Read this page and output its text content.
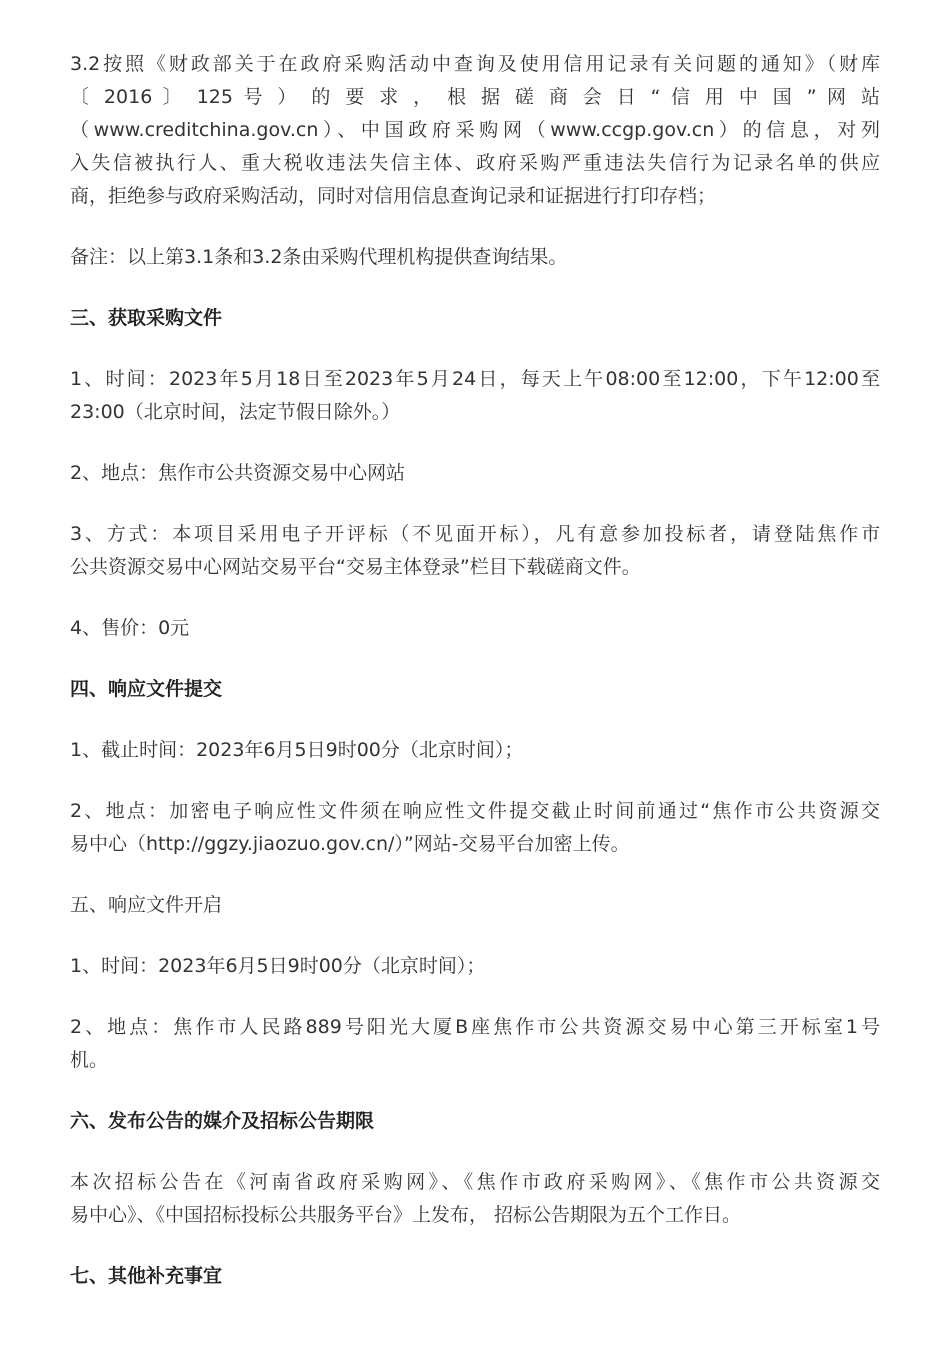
3.2按照《财政部关于在政府采购活动中查询及使用信用记录有关问题的通知》（财库

〔 2016 〕 125 号 ） 的 要 求 ， 根 据 磋 商 会 日 “ 信 用 中 国 ” 网 站

（www.creditchina.gov.cn）、中国政府采购网（www.ccgp.gov.cn）的信息，对列

入失信被执行人、重大税收违法失信主体、政府采购严重违法失信行为记录名单的供应

商，拒绝参与政府采购活动，同时对信用信息查询记录和证据进行打印存档；

备注：以上第3.1条和3.2条由采购代理机构提供查询结果。

三、获取采购文件

1、时间：2023年5月18日至2023年5月24日，每天上午08:00至12:00，下午12:00至

23:00（北京时间，法定节假日除外。）

2、地点：焦作市公共资源交易中心网站

3、方式：本项目采用电子开评标（不见面开标），凡有意参加投标者，请登陆焦作市

公共资源交易中心网站交易平台“交易主体登录”栏目下载磋商文件。

4、售价：0元

四、响应文件提交

1、截止时间：2023年6月5日9时00分（北京时间）；

2、地点：加密电子响应性文件须在响应性文件提交截止时间前通过“焦作市公共资源交

易中心（http://ggzy.jiaozuo.gov.cn/）”网站-交易平台加密上传。

五、响应文件开启

1、时间：2023年6月5日9时00分（北京时间）；

2、地点：焦作市人民路889号阳光大厦B座焦作市公共资源交易中心第三开标室1号

机。

六、发布公告的媒介及招标公告期限

本次招标公告在《河南省政府采购网》、《焦作市政府采购网》、《焦作市公共资源交

易中心》、《中国招标投标公共服务平台》上发布， 招标公告期限为五个工作日。

七、其他补充事宜
